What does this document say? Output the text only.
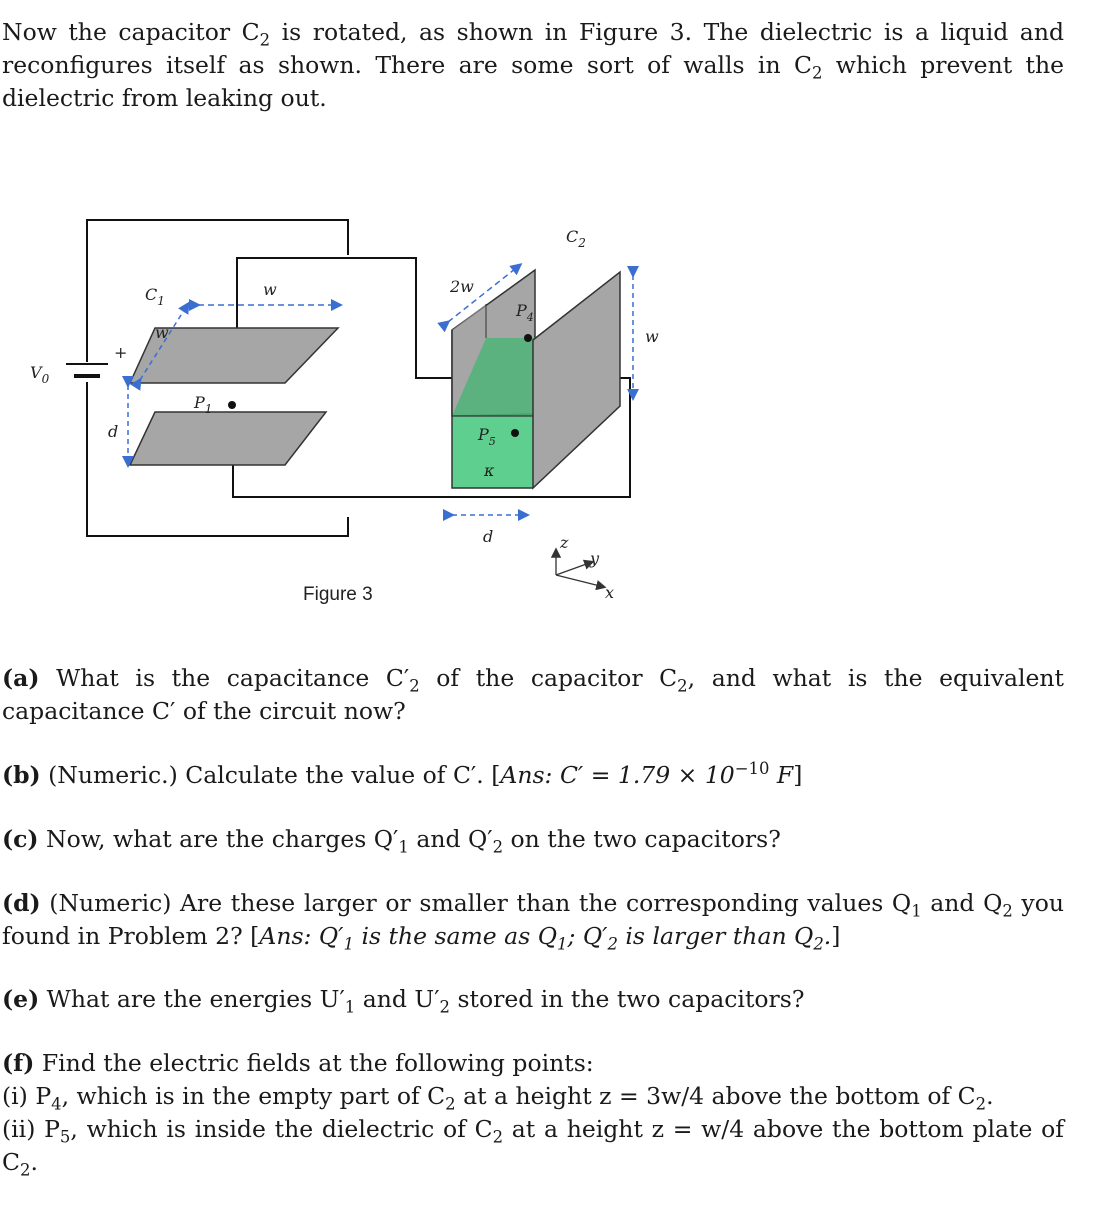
Now the capacitor $C_2$ is rotated, as shown in Figure 3. The dielectric is a liquid and reconfigures itself as shown. There are some sort of walls in $C_2$ which prevent the dielectric from leaking out.
+
$V_0$
$C_1$
w
w
d
$P_1$
$C_2$
2w
$P_4$
$P_5$
κ
w
d	z
y
x
Figure 3
(a) What is the capacitance $C'_2$ of the capacitor $C_2$, and what is the equivalent capacitance C′ of the circuit now?
(b) (Numeric.) Calculate the value of C′. [Ans: $C' = 1.79 \times 10^{-10}$ F]
(c) Now, what are the charges $Q'_1$ and $Q'_2$ on the two capacitors?
(d) (Numeric) Are these larger or smaller than the corresponding values $Q_1$ and $Q_2$ you found in Problem 2? [Ans: $Q'_1$ is the same as $Q_1$; $Q'_2$ is larger than $Q_2$.]
(e) What are the energies $U'_1$ and $U'_2$ stored in the two capacitors?
(f) Find the electric fields at the following points:
(i) $P_4$, which is in the empty part of $C_2$ at a height z = 3w/4 above the bottom of $C_2$.
(ii) $P_5$, which is inside the dielectric of $C_2$ at a height z = w/4 above the bottom plate of $C_2$.
